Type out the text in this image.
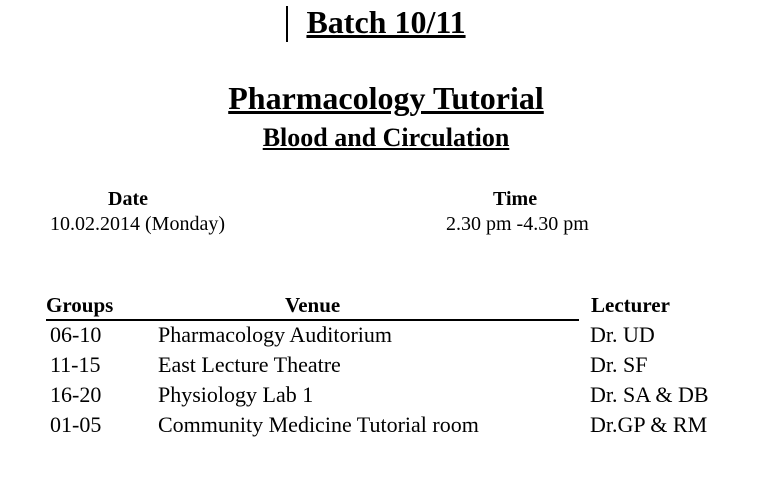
Batch 10/11
Pharmacology Tutorial
Blood and Circulation
Date
10.02.2014 (Monday)
Time
2.30 pm -4.30 pm
Groups	Venue	Lecturer
06-10	Pharmacology Auditorium	Dr. UD
11-15	East Lecture Theatre	Dr. SF
16-20	Physiology Lab 1	Dr. SA & DB
01-05	Community Medicine Tutorial room	Dr.GP & RM
